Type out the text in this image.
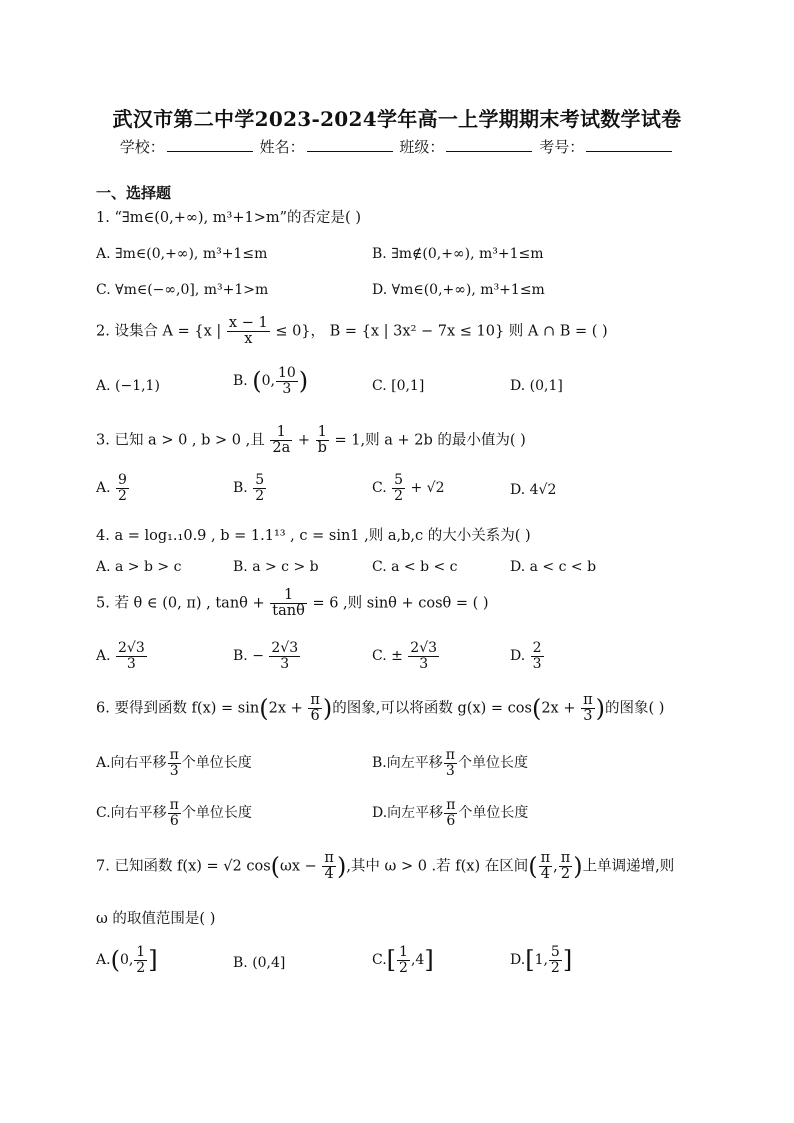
武汉市第二中学2023-2024学年高一上学期期末考试数学试卷
学校：	姓名：	班级：	考号：
一、选择题
1. “∃m∈(0,+∞), m³+1>m”的否定是( )
A. ∃m∈(0,+∞), m³+1≤m	B. ∃m∉(0,+∞), m³+1≤m
C. ∀m∈(−∞,0], m³+1>m	D. ∀m∈(0,+∞), m³+1≤m
2. 设集合 A = {x | $\frac{x - 1}{x} \le 0$}， B = {x | 3x² − 7x ≤ 10} 则 A ∩ B = ( )
A. (−1,1)	B. (0, $\frac{10}{3}$ )	C. [0,1]	D. (0,1]
3. 已知 a > 0 , b > 0 ,且 $\frac{1}{2a} + \frac{1}{b} = 1$,则 a + 2b 的最小值为( )
A. $\frac{9}{2}$	B. $\frac{5}{2}$	C. $\frac{5}{2} + √2$	D. 4√2
4. a = log₁.₁0.9 , b = 1.1¹³ , c = sin1 ,则 a,b,c 的大小关系为( )
A. a > b > c	B. a > c > b	C. a < b < c	D. a < c < b
5. 若 θ ∈ (0, π) , $\tan\theta + \frac{1}{\tan\theta} = 6$ ,则 sinθ + cosθ = ( )
A. $\frac{2√3}{3}$	B. − $\frac{2√3}{3}$	C. ± $\frac{2√3}{3}$	D. $\frac{2}{3}$
6. 要得到函数 $f(x) = \sin(2x + \frac{\pi}{6}$ )的图象,可以将函数 $g(x) = \cos(2x + \frac{\pi}{3}$ )的图象( )
A.向右平移 $\frac{\pi}{3}$ 个单位长度	B.向左平移 $\frac{\pi}{3}$ 个单位长度
C.向右平移 $\frac{\pi}{6}$ 个单位长度	D.向左平移 $\frac{\pi}{6}$ 个单位长度
7. 已知函数 f(x) = √2 $\cos(\omega x - \frac{\pi}{4}$ ),其中 ω > 0 .若 f(x) 在区间( $\frac{\pi}{4}$ , $\frac{\pi}{2}$ )上单调递增,则
ω 的取值范围是( )
A.(0, $\frac{1}{2}$ ]	B. (0,4]	$C.[ \frac{1}{2} ,4]$	D.[1, $\frac{5}{2}$ ]
